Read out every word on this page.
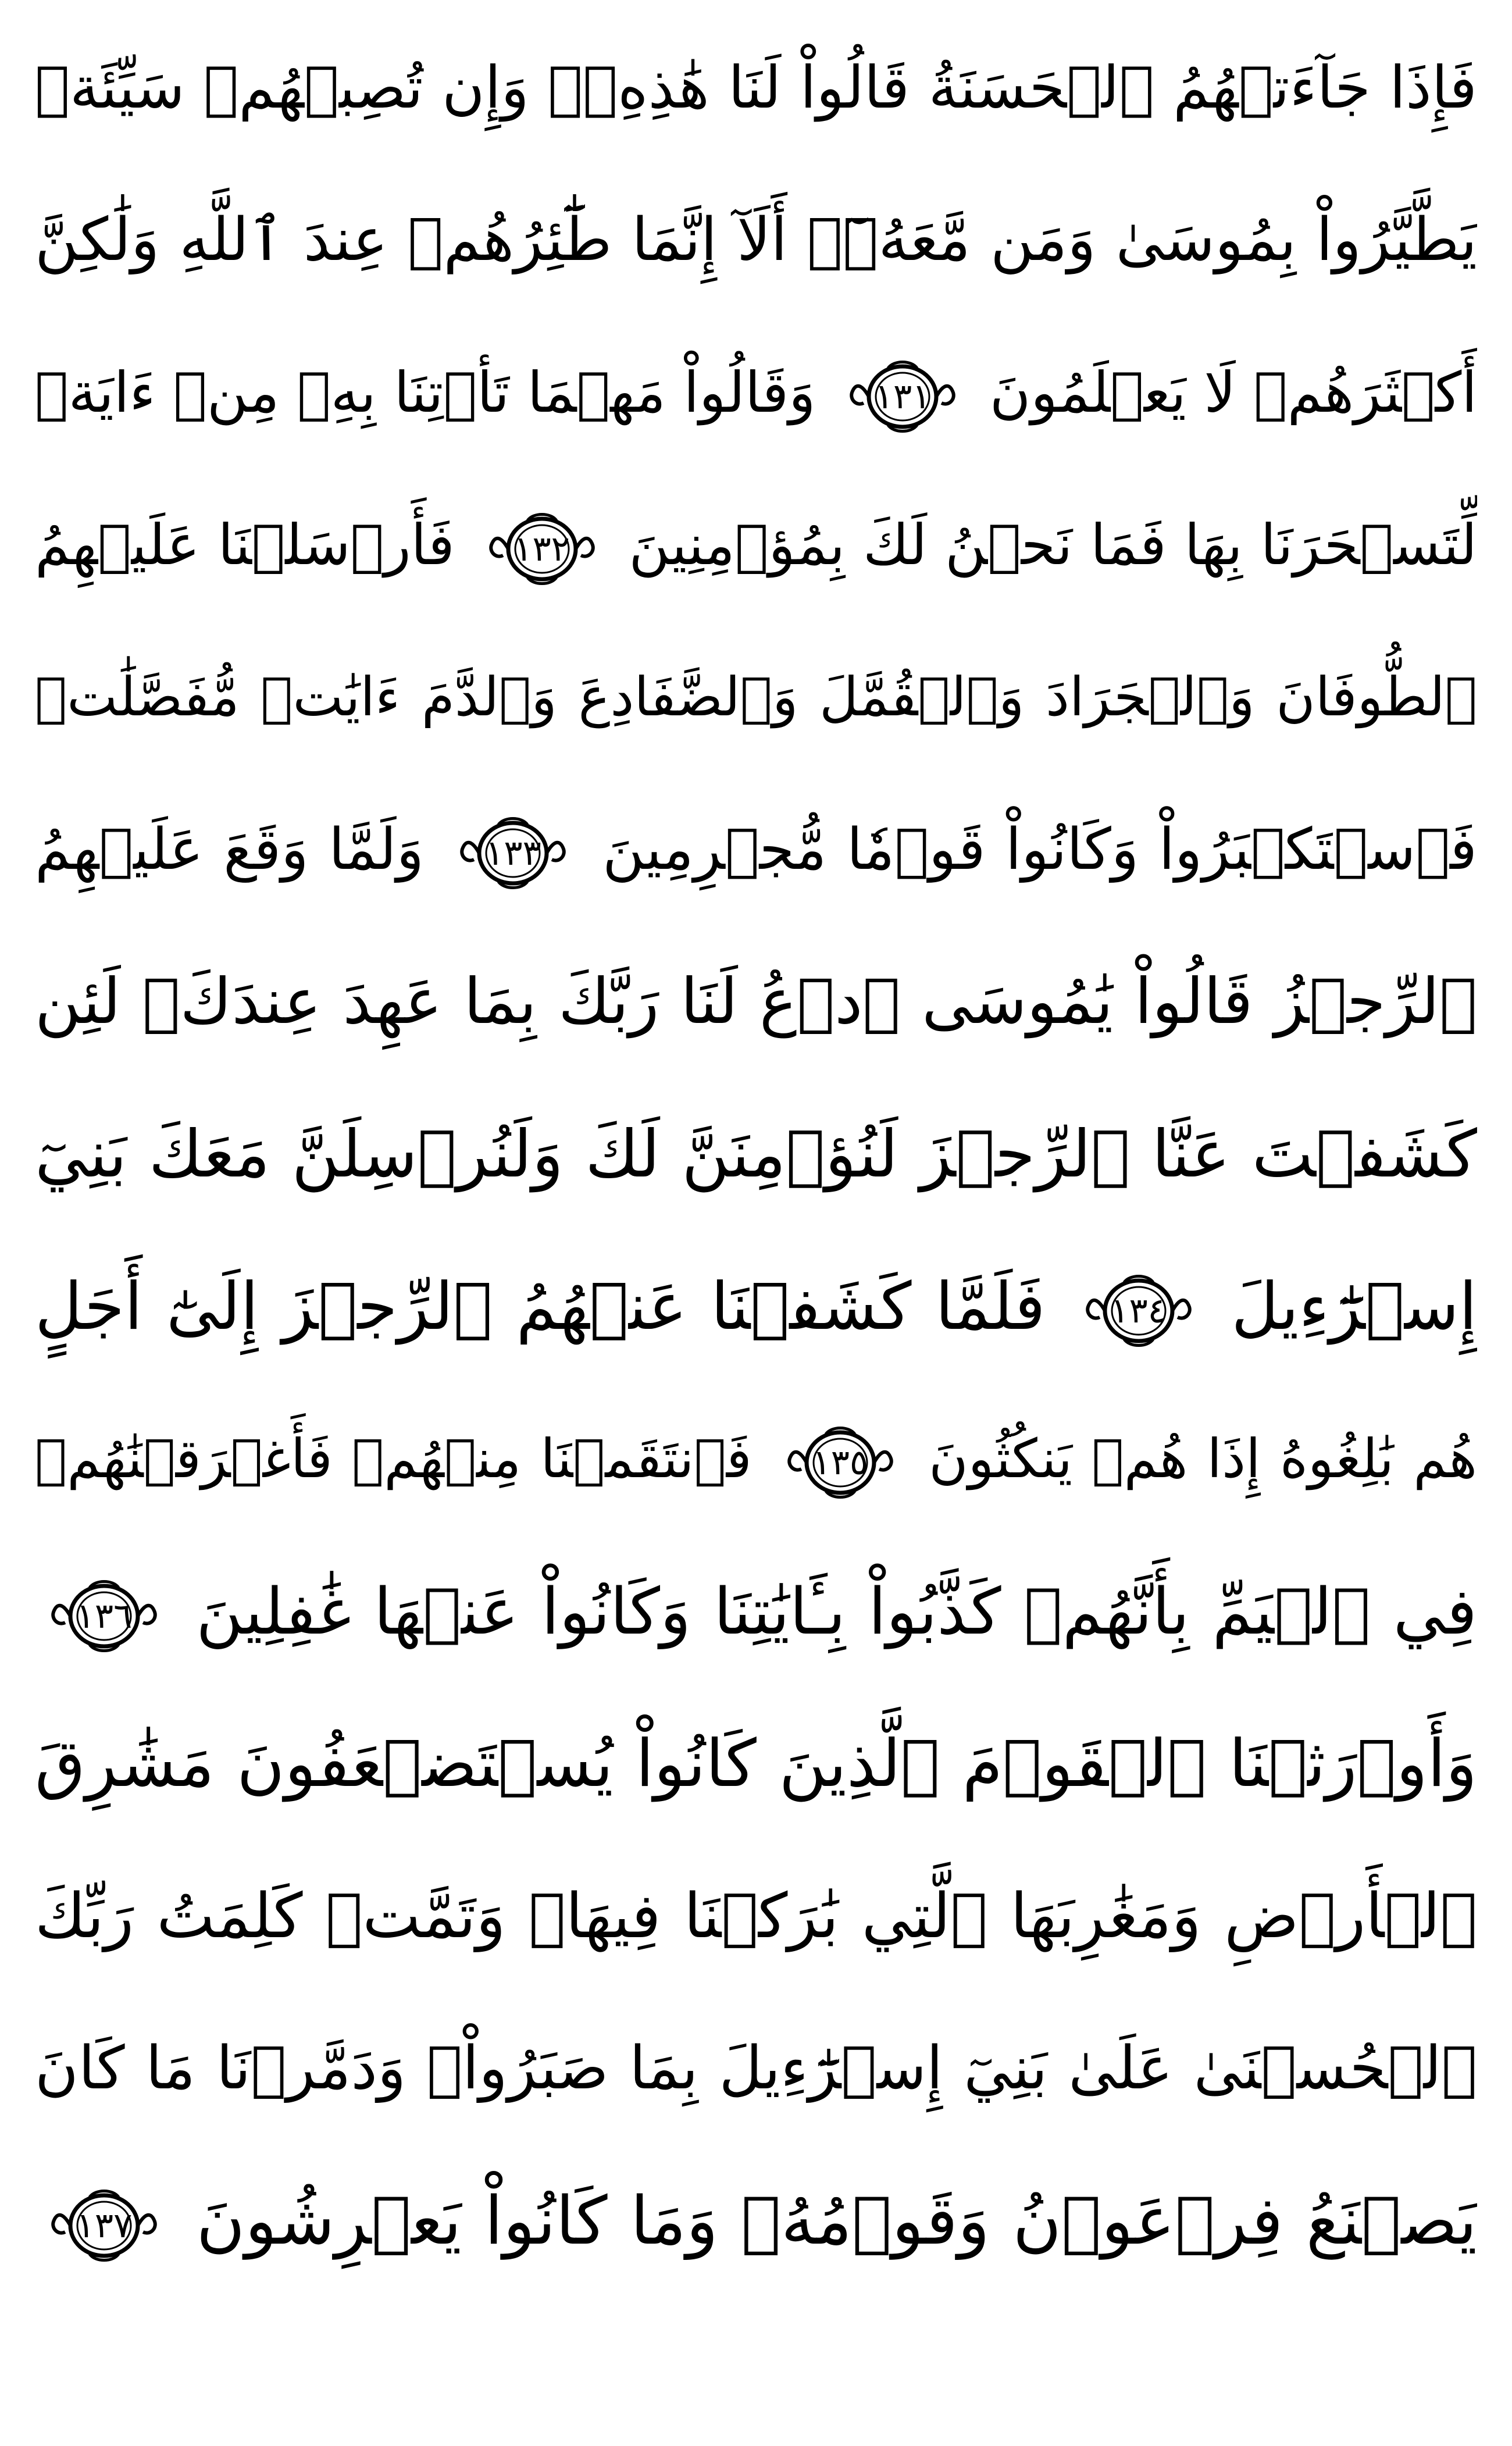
فَإِذَا جَآءَتۡهُمُ ٱلۡحَسَنَةُ قَالُواْ لَنَا هَٰذِهِۦۖ وَإِن تُصِبۡهُمۡ سَيِّئَةٞ
يَطَّيَّرُواْ بِمُوسَىٰ وَمَن مَّعَهُۥٓۗ أَلَآ إِنَّمَا طَٰٓئِرُهُمۡ عِندَ ٱللَّهِ وَلَٰكِنَّ
أَكۡثَرَهُمۡ لَا يَعۡلَمُونَ
١٣١
وَقَالُواْ مَهۡمَا تَأۡتِنَا بِهِۦ مِنۡ ءَايَةٖ
لِّتَسۡحَرَنَا بِهَا فَمَا نَحۡنُ لَكَ بِمُؤۡمِنِينَ
١٣٢
فَأَرۡسَلۡنَا عَلَيۡهِمُ
ٱلطُّوفَانَ وَٱلۡجَرَادَ وَٱلۡقُمَّلَ وَٱلضَّفَادِعَ وَٱلدَّمَ ءَايَٰتٖ مُّفَصَّلَٰتٖ
فَٱسۡتَكۡبَرُواْ وَكَانُواْ قَوۡمٗا مُّجۡرِمِينَ
١٣٣
وَلَمَّا وَقَعَ عَلَيۡهِمُ
ٱلرِّجۡزُ قَالُواْ يَٰمُوسَى ٱدۡعُ لَنَا رَبَّكَ بِمَا عَهِدَ عِندَكَۖ لَئِن
كَشَفۡتَ عَنَّا ٱلرِّجۡزَ لَنُؤۡمِنَنَّ لَكَ وَلَنُرۡسِلَنَّ مَعَكَ بَنِيٓ
إِسۡرَٰٓءِيلَ
١٣٤
فَلَمَّا كَشَفۡنَا عَنۡهُمُ ٱلرِّجۡزَ إِلَىٰٓ أَجَلٍ
هُم بَٰلِغُوهُ إِذَا هُمۡ يَنكُثُونَ
١٣٥
فَٱنتَقَمۡنَا مِنۡهُمۡ فَأَغۡرَقۡنَٰهُمۡ
فِي ٱلۡيَمِّ بِأَنَّهُمۡ كَذَّبُواْ بِـَٔايَٰتِنَا وَكَانُواْ عَنۡهَا غَٰفِلِينَ
١٣٦
وَأَوۡرَثۡنَا ٱلۡقَوۡمَ ٱلَّذِينَ كَانُواْ يُسۡتَضۡعَفُونَ مَشَٰرِقَ
ٱلۡأَرۡضِ وَمَغَٰرِبَهَا ٱلَّتِي بَٰرَكۡنَا فِيهَاۖ وَتَمَّتۡ كَلِمَتُ رَبِّكَ
ٱلۡحُسۡنَىٰ عَلَىٰ بَنِيٓ إِسۡرَٰٓءِيلَ بِمَا صَبَرُواْۖ وَدَمَّرۡنَا مَا كَانَ
يَصۡنَعُ فِرۡعَوۡنُ وَقَوۡمُهُۥ وَمَا كَانُواْ يَعۡرِشُونَ
١٣٧
